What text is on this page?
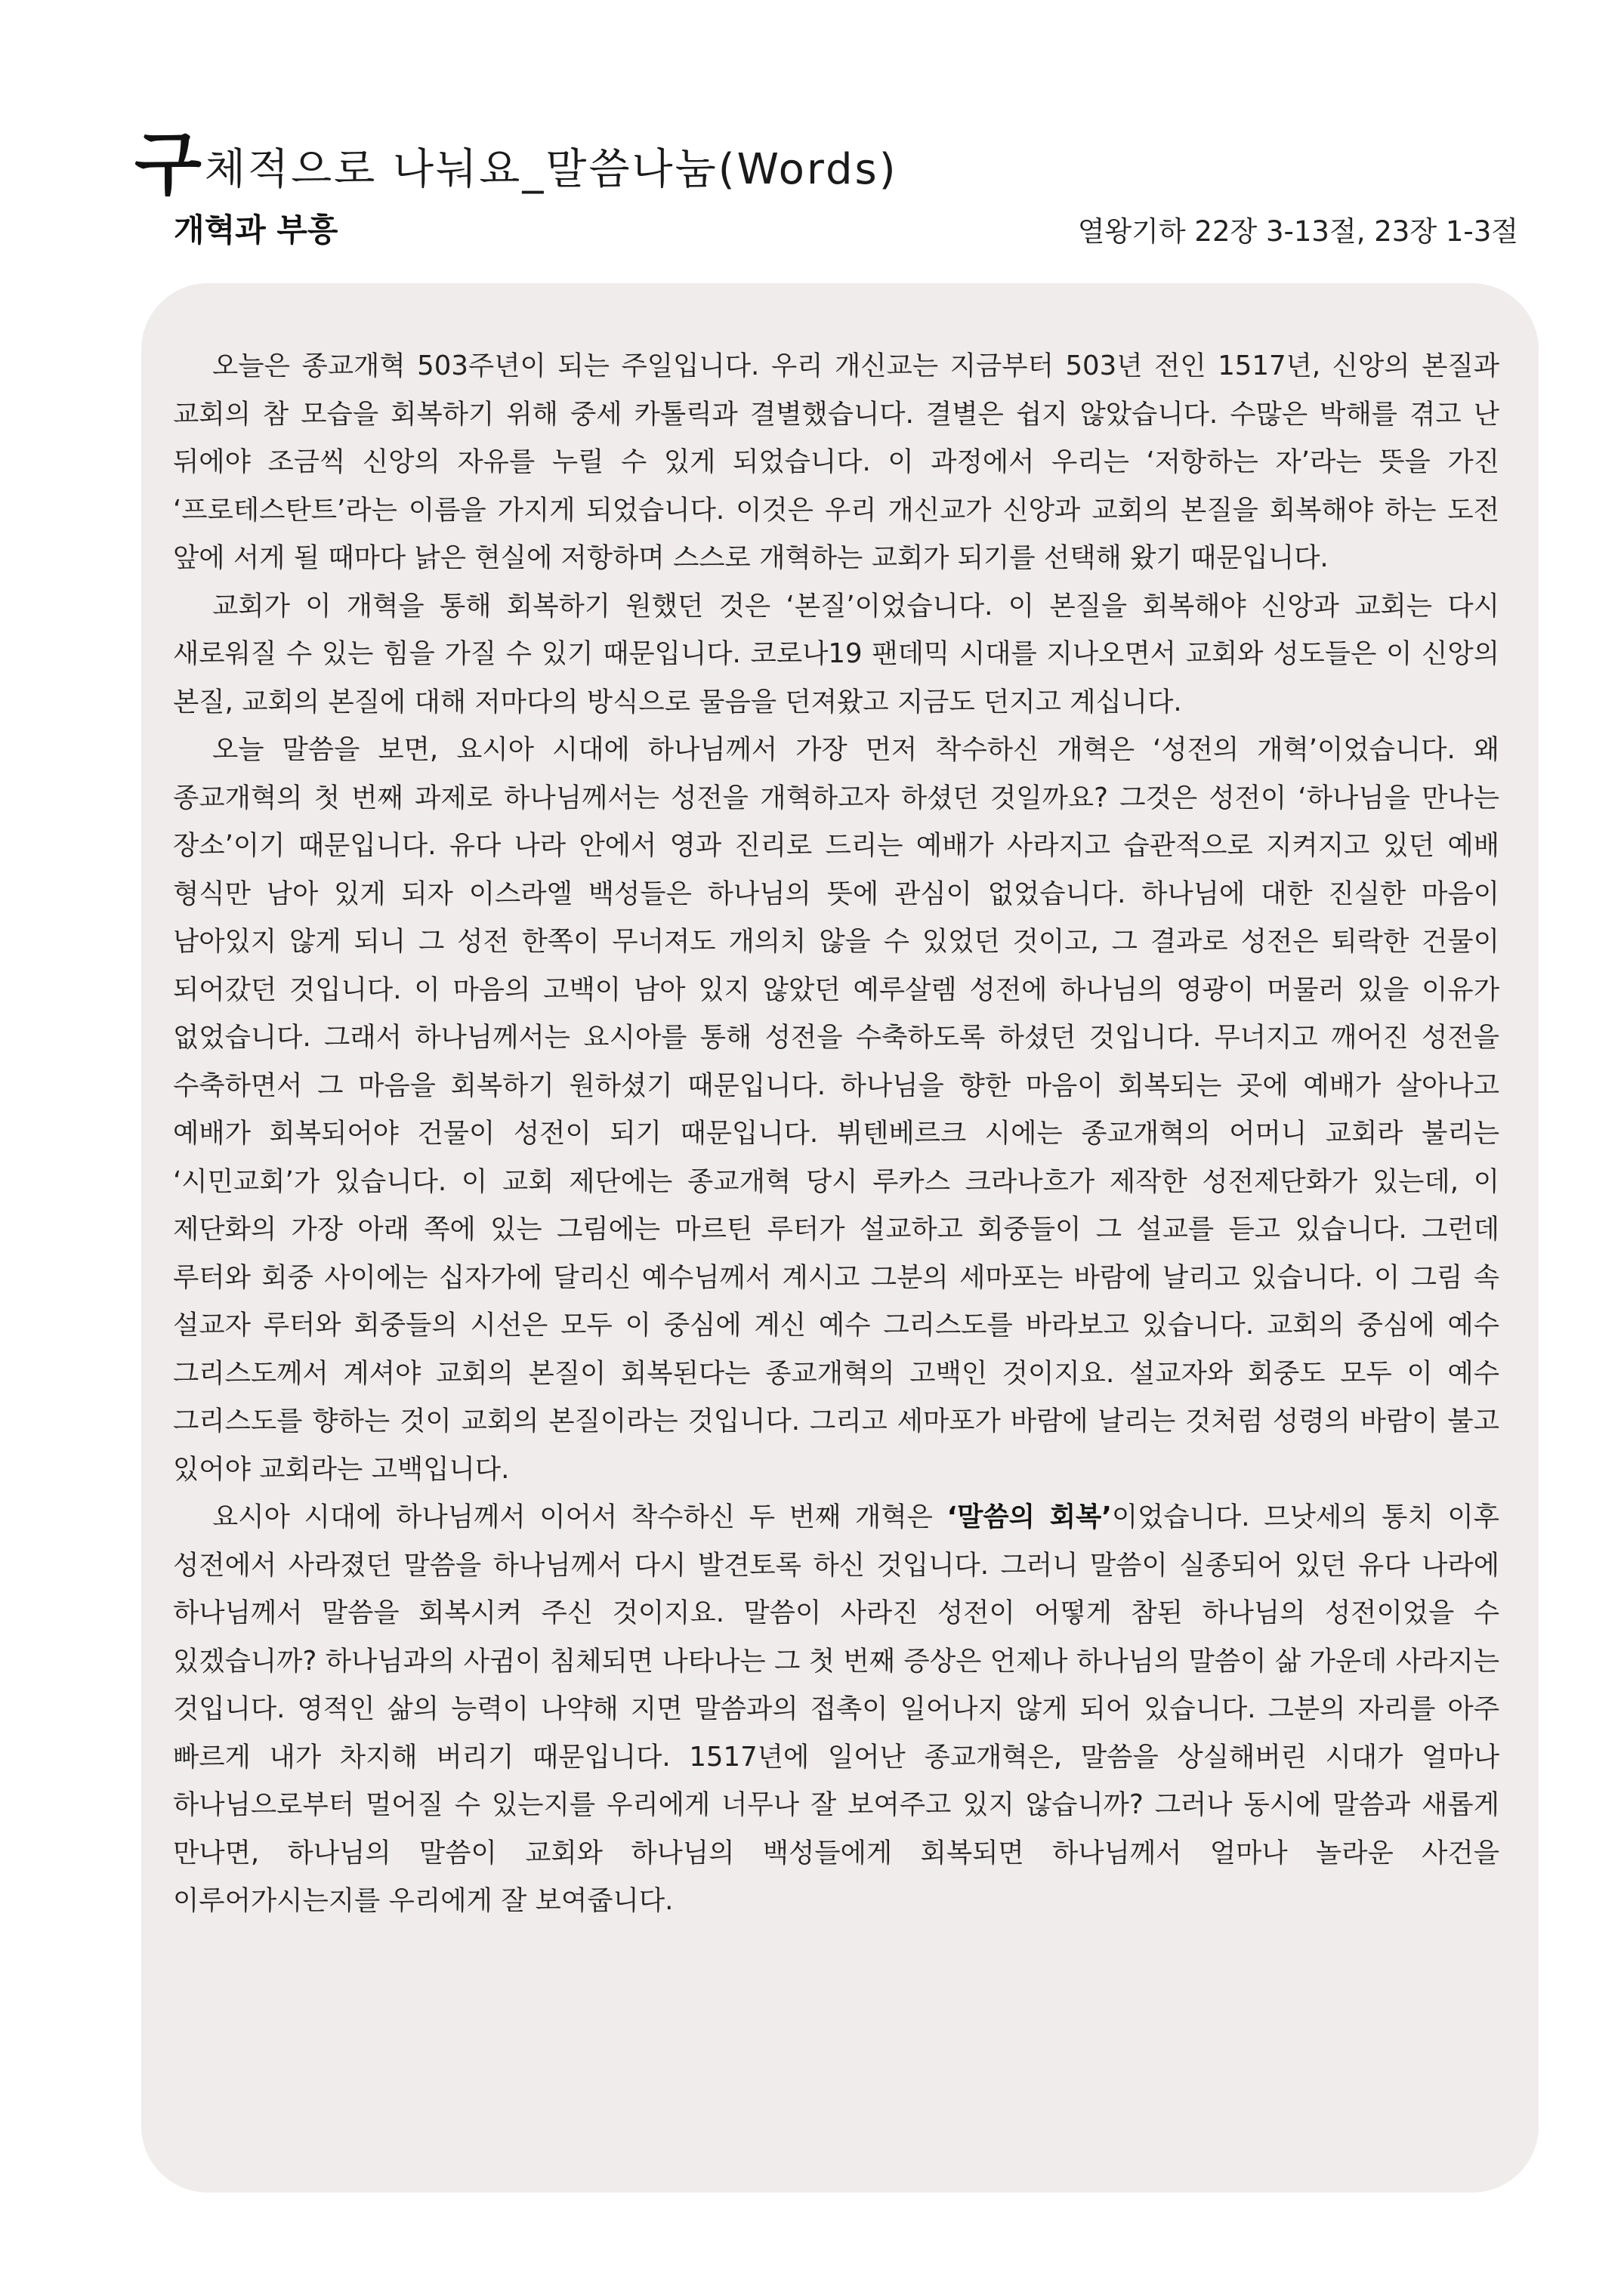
구 체적으로 나눠요_말씀나눔(Words)
개혁과 부흥	열왕기하 22장 3-13절, 23장 1-3절

오늘은 종교개혁 503주년이 되는 주일입니다. 우리 개신교는 지금부터 503년 전인 1517년, 신앙의 본질과 교회의 참 모습을 회복하기 위해 중세 카톨릭과 결별했습니다. 결별은 쉽지 않았습니다. 수많은 박해를 겪고 난 뒤에야 조금씩 신앙의 자유를 누릴 수 있게 되었습니다. 이 과정에서 우리는 ‘저항하는 자’라는 뜻을 가진 ‘프로테스탄트’라는 이름을 가지게 되었습니다. 이것은 우리 개신교가 신앙과 교회의 본질을 회복해야 하는 도전 앞에 서게 될 때마다 낡은 현실에 저항하며 스스로 개혁하는 교회가 되기를 선택해 왔기 때문입니다.

교회가 이 개혁을 통해 회복하기 원했던 것은 ‘본질’이었습니다. 이 본질을 회복해야 신앙과 교회는 다시 새로워질 수 있는 힘을 가질 수 있기 때문입니다. 코로나19 팬데믹 시대를 지나오면서 교회와 성도들은 이 신앙의 본질, 교회의 본질에 대해 저마다의 방식으로 물음을 던져왔고 지금도 던지고 계십니다.

오늘 말씀을 보면, 요시아 시대에 하나님께서 가장 먼저 착수하신 개혁은 ‘성전의 개혁’이었습니다. 왜 종교개혁의 첫 번째 과제로 하나님께서는 성전을 개혁하고자 하셨던 것일까요? 그것은 성전이 ‘하나님을 만나는 장소’이기 때문입니다. 유다 나라 안에서 영과 진리로 드리는 예배가 사라지고 습관적으로 지켜지고 있던 예배 형식만 남아 있게 되자 이스라엘 백성들은 하나님의 뜻에 관심이 없었습니다. 하나님에 대한 진실한 마음이 남아있지 않게 되니 그 성전 한쪽이 무너져도 개의치 않을 수 있었던 것이고, 그 결과로 성전은 퇴락한 건물이 되어갔던 것입니다. 이 마음의 고백이 남아 있지 않았던 예루살렘 성전에 하나님의 영광이 머물러 있을 이유가 없었습니다. 그래서 하나님께서는 요시아를 통해 성전을 수축하도록 하셨던 것입니다. 무너지고 깨어진 성전을 수축하면서 그 마음을 회복하기 원하셨기 때문입니다. 하나님을 향한 마음이 회복되는 곳에 예배가 살아나고 예배가 회복되어야 건물이 성전이 되기 때문입니다. 뷔텐베르크 시에는 종교개혁의 어머니 교회라 불리는 ‘시민교회’가 있습니다. 이 교회 제단에는 종교개혁 당시 루카스 크라나흐가 제작한 성전제단화가 있는데, 이 제단화의 가장 아래 쪽에 있는 그림에는 마르틴 루터가 설교하고 회중들이 그 설교를 듣고 있습니다. 그런데 루터와 회중 사이에는 십자가에 달리신 예수님께서 계시고 그분의 세마포는 바람에 날리고 있습니다. 이 그림 속 설교자 루터와 회중들의 시선은 모두 이 중심에 계신 예수 그리스도를 바라보고 있습니다. 교회의 중심에 예수 그리스도께서 계셔야 교회의 본질이 회복된다는 종교개혁의 고백인 것이지요. 설교자와 회중도 모두 이 예수 그리스도를 향하는 것이 교회의 본질이라는 것입니다. 그리고 세마포가 바람에 날리는 것처럼 성령의 바람이 불고 있어야 교회라는 고백입니다.

요시아 시대에 하나님께서 이어서 착수하신 두 번째 개혁은 ‘말씀의 회복’이었습니다. 므낫세의 통치 이후 성전에서 사라졌던 말씀을 하나님께서 다시 발견토록 하신 것입니다. 그러니 말씀이 실종되어 있던 유다 나라에 하나님께서 말씀을 회복시켜 주신 것이지요. 말씀이 사라진 성전이 어떻게 참된 하나님의 성전이었을 수 있겠습니까? 하나님과의 사귐이 침체되면 나타나는 그 첫 번째 증상은 언제나 하나님의 말씀이 삶 가운데 사라지는 것입니다. 영적인 삶의 능력이 나약해 지면 말씀과의 접촉이 일어나지 않게 되어 있습니다. 그분의 자리를 아주 빠르게 내가 차지해 버리기 때문입니다. 1517년에 일어난 종교개혁은, 말씀을 상실해버린 시대가 얼마나 하나님으로부터 멀어질 수 있는지를 우리에게 너무나 잘 보여주고 있지 않습니까? 그러나 동시에 말씀과 새롭게 만나면, 하나님의 말씀이 교회와 하나님의 백성들에게 회복되면 하나님께서 얼마나 놀라운 사건을 이루어가시는지를 우리에게 잘 보여줍니다.
